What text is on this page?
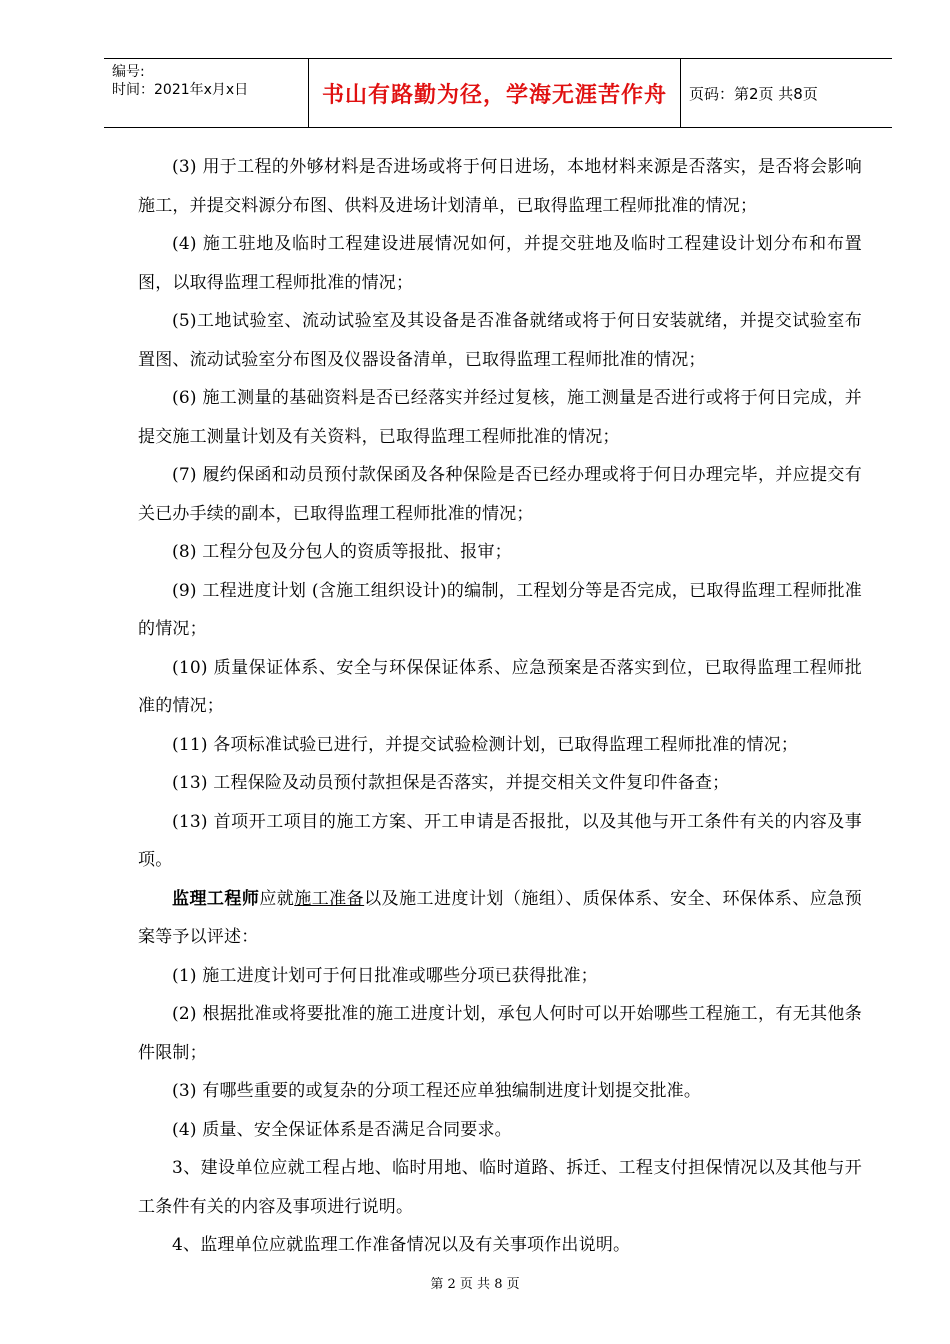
编号:
时间：2021年x月x日	书山有路勤为径，学海无涯苦作舟	页码：第2页 共8页

(3) 用于工程的外够材料是否进场或将于何日进场，本地材料来源是否落实，是否将会影响施工，并提交料源分布图、供料及进场计划清单，已取得监理工程师批准的情况；

(4) 施工驻地及临时工程建设进展情况如何，并提交驻地及临时工程建设计划分布和布置图，以取得监理工程师批准的情况；

(5)工地试验室、流动试验室及其设备是否准备就绪或将于何日安装就绪，并提交试验室布置图、流动试验室分布图及仪器设备清单，已取得监理工程师批准的情况；

(6) 施工测量的基础资料是否已经落实并经过复核，施工测量是否进行或将于何日完成，并提交施工测量计划及有关资料，已取得监理工程师批准的情况；

(7) 履约保函和动员预付款保函及各种保险是否已经办理或将于何日办理完毕，并应提交有关已办手续的副本，已取得监理工程师批准的情况；

(8) 工程分包及分包人的资质等报批、报审；

(9) 工程进度计划 (含施工组织设计)的编制，工程划分等是否完成，已取得监理工程师批准的情况；

(10) 质量保证体系、安全与环保保证体系、应急预案是否落实到位，已取得监理工程师批准的情况；

(11) 各项标准试验已进行，并提交试验检测计划，已取得监理工程师批准的情况；

(13) 工程保险及动员预付款担保是否落实，并提交相关文件复印件备查；

(13) 首项开工项目的施工方案、开工申请是否报批，以及其他与开工条件有关的内容及事项。

监理工程师应就施工准备以及施工进度计划（施组）、质保体系、安全、环保体系、应急预案等予以评述：

(1) 施工进度计划可于何日批准或哪些分项已获得批准；

(2) 根据批准或将要批准的施工进度计划，承包人何时可以开始哪些工程施工，有无其他条件限制；

(3) 有哪些重要的或复杂的分项工程还应单独编制进度计划提交批准。

(4) 质量、安全保证体系是否满足合同要求。

3、建设单位应就工程占地、临时用地、临时道路、拆迁、工程支付担保情况以及其他与开工条件有关的内容及事项进行说明。

4、监理单位应就监理工作准备情况以及有关事项作出说明。

第 2 页 共 8 页
